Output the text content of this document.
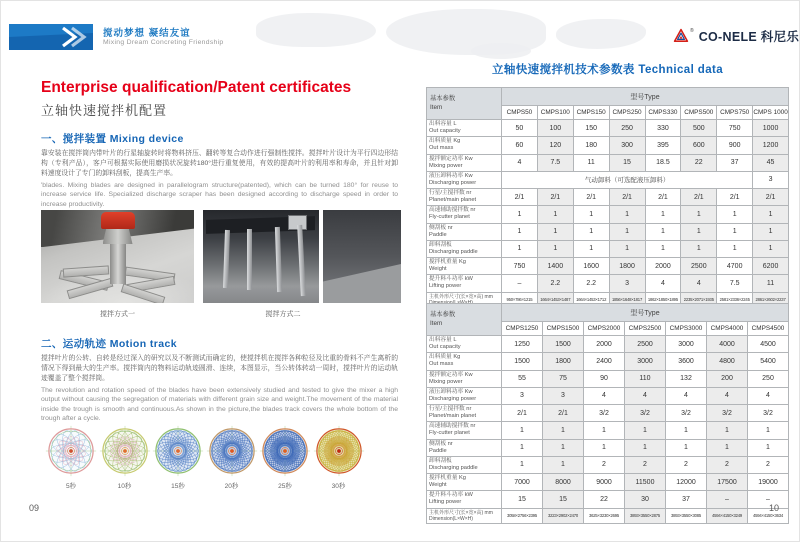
搅动梦想 凝结友谊
Mixing Dream Concreting Friendship
® CO-NELE 科尼乐
Enterprise qualification/Patent certificates
立轴快速搅拌机配置
一、搅拌装置 Mixing device

靠安装在搅拌筒内带叶片的行星轴旋转时将物料挤压、翻转等复合动作进行强制性搅拌。搅拌叶片设计为平行四边形结构（专利产品），客户可根据实际使用磨损状况旋转180°进行重复使用，有效的提高叶片的利用率和寿命，并且针对卸料速度设计了专门的卸料刮板，提高生产率。

'blades. Mixing blades are designed in parallelogram structure(patented), which can be turned 180° for reuse to increase service life. Specialized discharge scraper has been designed according to discharge speed in order to increase productivity.

搅拌方式一	搅拌方式二
二、运动轨迹 Motion track

搅拌叶片的公转、自转是经过深入的研究以及不断测试而确定的，使搅拌机在搅拌各种粒径及比重的骨料不产生离析的情况下得到最大的生产率。搅拌筒内的物料运动轨迹圆滑、连续，本图显示，当公转体转动一周时，搅拌叶片的运动轨迹覆盖了整个搅拌筒。

The revolution and rotation speed of the blades have been extensively studied and tested to give the mixer a high output without causing the segregation of materials with different grain size and weight.The movement of the material inside the trough is smooth and continuous.As shown in the picture,the blades track covers the whole bottom of the trough after a cycle.

5秒	10秒	15秒	20秒	25秒	30秒
09
立轴快速搅拌机技术参数表 Technical data
基本参数
Item	型号Type							
	CMPS50	CMPS100	CMPS150	CMPS250	CMPS330	CMPS500	CMPS750	CMPS 1000

出料容量 L
Out capacity	50	100	150	250	330	500	750	1000

出料质量 Kg
Out mass	60	120	180	300	395	600	900	1200

搅拌额定功率 Kw
Mixing power	4	7.5	11	15	18.5	22	37	45

液压卸料功率 Kw
Discharging power	气动卸料（可选配液压卸料）							3

行星/主搅拌数 nr
Planet/main planet	2/1	2/1	2/1	2/1	2/1	2/1	2/1	2/1

高速辅助搅拌数 nr
Fly-cutter planet	1	1	1	1	1	1	1	1

侧刮板 nr
Paddle	1	1	1	1	1	1	1	1

卸料刮板
Discharging paddle	1	1	1	1	1	1	1	1

搅拌机重量 Kg
Weight	750	1400	1600	1800	2000	2500	4700	6200

提升料斗功率 kW
Lifting power	–	2.2	2.2	3	4	4	7.5	11

主机外形尺寸(长×宽×高) mm	950×786×1215	1664×1453×1487	1664×1453×1712	1856×1648×1817	1862×1850×1895	2235×2071×1935	2581×2336×2245	2861×2602×2237
基本参数
Item	型号Type						
	CMPS1250	CMPS1500	CMPS2000	CMPS2500	CMPS3000	CMPS4000	CMPS4500

出料容量 L
Out capacity	1250	1500	2000	2500	3000	4000	4500

出料质量 Kg
Out mass	1500	1800	2400	3000	3600	4800	5400

搅拌额定功率 Kw
Mixing power	55	75	90	110	132	200	250

液压卸料功率 Kw
Discharging power	3	3	4	4	4	4	4

行星/主搅拌数 nr
Planet/main planet	2/1	2/1	3/2	3/2	3/2	3/2	3/2

高速辅助搅拌数 nr
Fly-cutter planet	1	1	1	1	1	1	1

侧刮板 nr
Paddle	1	1	1	1	1	1	1

卸料刮板
Discharging paddle	1	1	2	2	2	2	2

搅拌机重量 Kg
Weight	7000	8000	9000	11500	12000	17500	19000

提升料斗功率 kW
Lifting power	15	15	22	30	37	–	–

主机外形尺寸(长×宽×高) mm
Dimension(L×W×H)	3058×2756×2395	3223×2902×2470	3625×3230×2695	3893×3550×2875	3893×3550×3085	4594×4150×3249	4594×4150×3634
10
